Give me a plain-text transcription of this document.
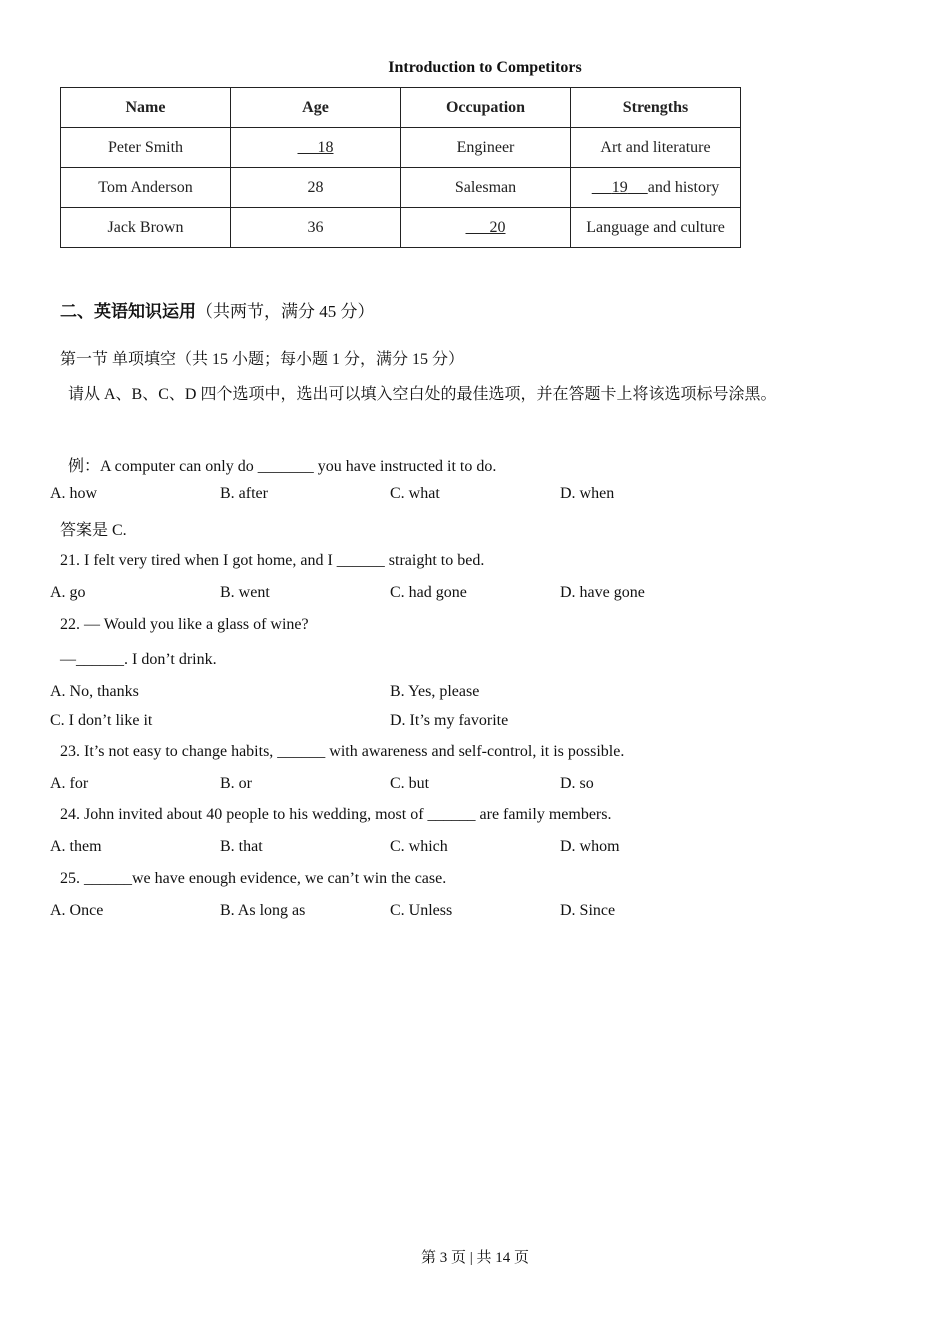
Introduction to Competitors
Name	Age	Occupation	Strengths
Peter Smith	18	Engineer	Art and literature
Tom Anderson	28	Salesman	19 and history
Jack Brown	36	20	Language and culture
二、英语知识运用（共两节，满分 45 分）
第一节 单项填空（共 15 小题；每小题 1 分，满分 15 分）
请从 A、B、C、D 四个选项中，选出可以填入空白处的最佳选项，并在答题卡上将该选项标号涂黑。
例：A computer can only do _______ you have instructed it to do.
A. how	B. after	C. what	D. when
答案是 C.
21. I felt very tired when I got home, and I ______ straight to bed.
A. go	B. went	C. had gone	D. have gone
22. — Would you like a glass of wine?
—______. I don’t drink.
A. No, thanks	B. Yes, please
C. I don’t like it	D. It’s my favorite
23. It’s not easy to change habits, ______ with awareness and self-control, it is possible.
A. for	B. or	C. but	D. so
24. John invited about 40 people to his wedding, most of ______ are family members.
A. them	B. that	C. which	D. whom
25. ______we have enough evidence, we can’t win the case.
A. Once	B. As long as	C. Unless	D. Since
第 3 页 | 共 14 页
